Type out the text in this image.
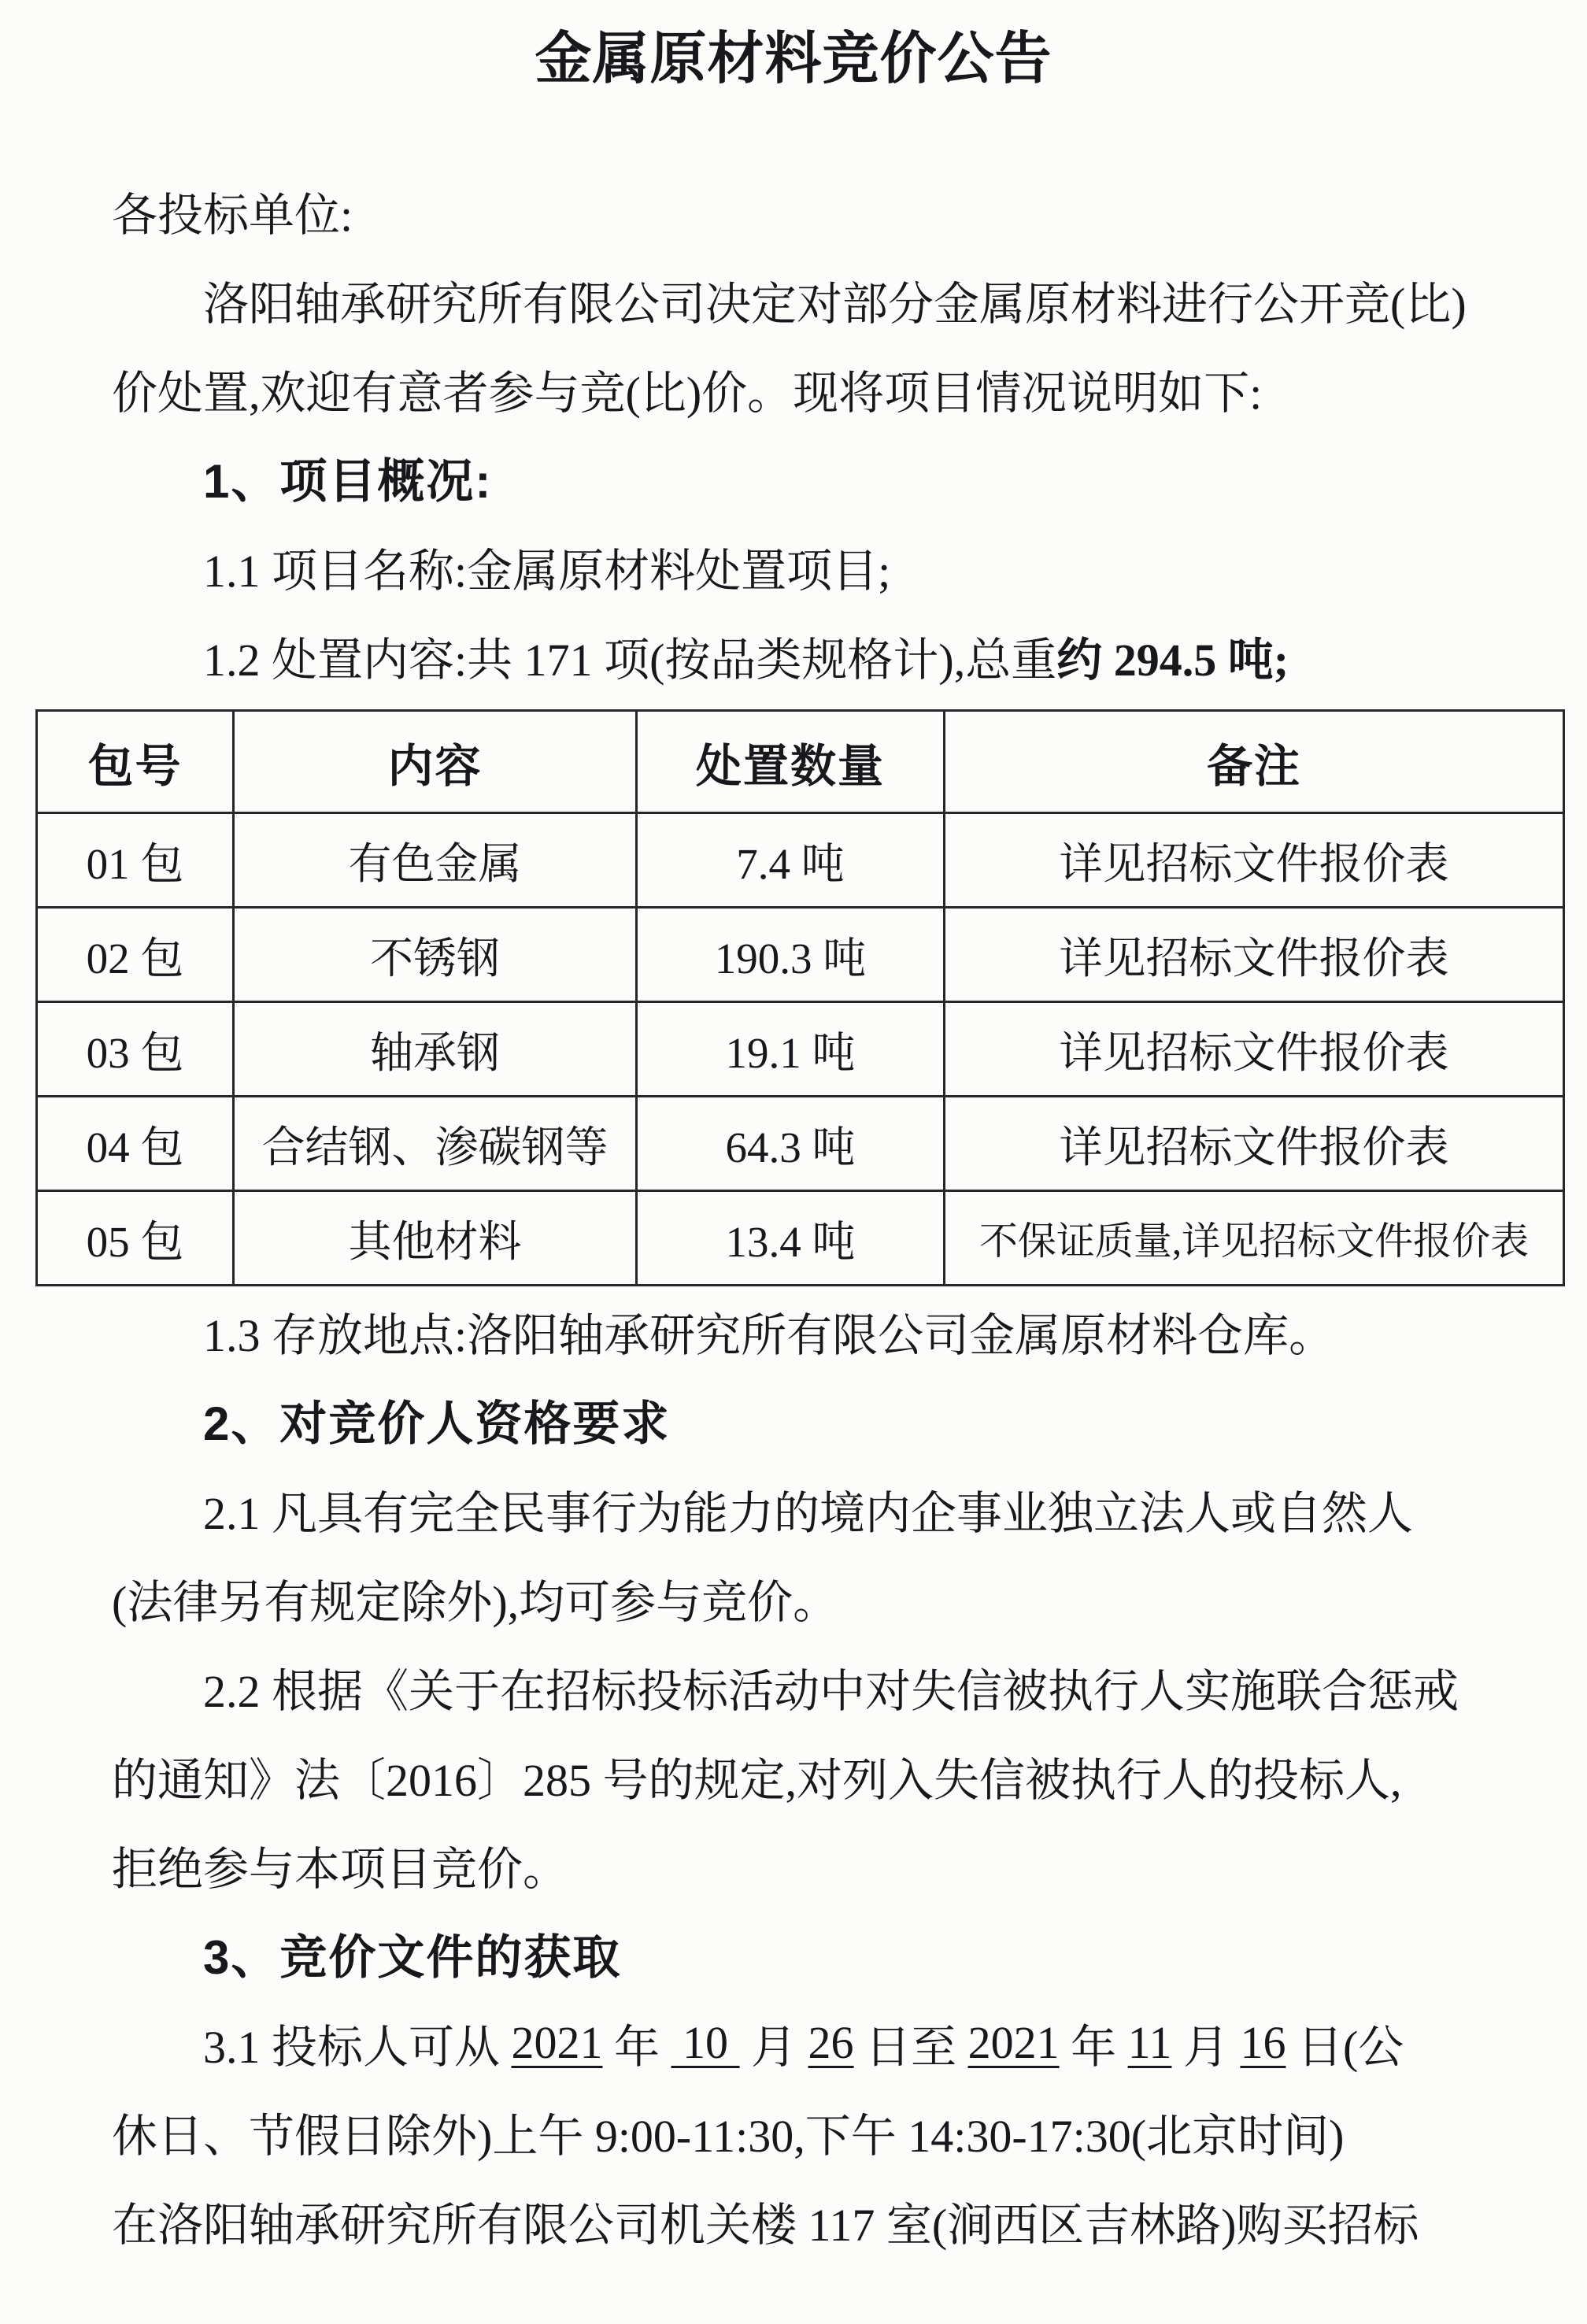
金属原材料竞价公告
各投标单位:
洛阳轴承研究所有限公司决定对部分金属原材料进行公开竞(比)
价处置,欢迎有意者参与竞(比)价。现将项目情况说明如下:
1、项目概况:
1.1 项目名称:金属原材料处置项目;
1.2 处置内容:共 171 项(按品类规格计),总重 约 294.5 吨;
包号	内容	处置数量	备注
01 包	有色金属	7.4 吨	详见招标文件报价表
02 包	不锈钢	190.3 吨	详见招标文件报价表
03 包	轴承钢	19.1 吨	详见招标文件报价表
04 包	合结钢、渗碳钢等	64.3 吨	详见招标文件报价表
05 包	其他材料	13.4 吨	不保证质量,详见招标文件报价表
1.3 存放地点:洛阳轴承研究所有限公司金属原材料仓库。
2、对竞价人资格要求
2.1 凡具有完全民事行为能力的境内企事业独立法人或自然人
(法律另有规定除外),均可参与竞价。
2.2 根据《关于在招标投标活动中对失信被执行人实施联合惩戒
的通知》法〔2016〕285 号的规定,对列入失信被执行人的投标人,
拒绝参与本项目竞价。
3、竞价文件的获取
3.1 投标人可从 2021 年 10 月 26 日至 2021 年 11 月 16 日(公
休日、节假日除外)上午 9:00-11:30,下午 14:30-17:30(北京时间)
在洛阳轴承研究所有限公司机关楼 117 室(涧西区吉林路)购买招标
